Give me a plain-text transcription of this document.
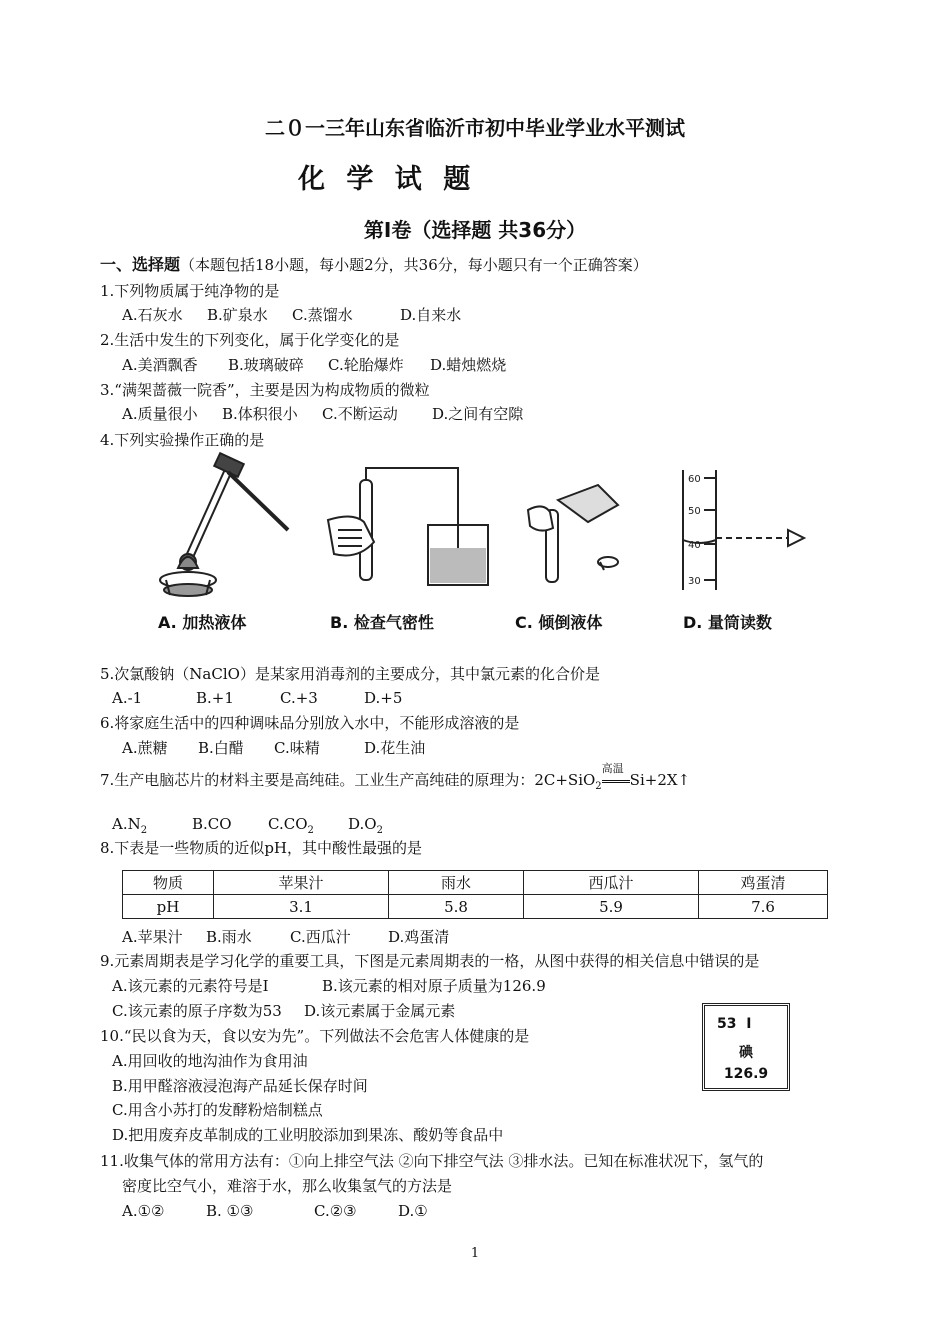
二０一三年山东省临沂市初中毕业学业水平测试
化 学 试 题
第Ⅰ卷（选择题 共36分）
一、选择题（本题包括18小题，每小题2分，共36分，每小题只有一个正确答案）
1.下列物质属于纯净物的是
A.石灰水 B.矿泉水 C.蒸馏水	D.自来水
2.生活中发生的下列变化，属于化学变化的是
A.美酒飘香 B.玻璃破碎 C.轮胎爆炸 D.蜡烛燃烧
3.“满架蔷薇一院香”，主要是因为构成物质的微粒
A.质量很小 B.体积很小 C.不断运动 D.之间有空隙
4.下列实验操作正确的是
60
50
40
30
A. 加热液体	B. 检查气密性	C. 倾倒液体	D. 量筒读数
5.次氯酸钠（NaClO）是某家用消毒剂的主要成分，其中氯元素的化合价是
A.-1	B.+1	C.+3	D.+5
6.将家庭生活中的四种调味品分别放入水中，不能形成溶液的是
A.蔗糖 B.白醋 C.味精	D.花生油
7.生产电脑芯片的材料主要是高纯硅。工业生产高纯硅的原理为：2C+SiO$_2$
高温
Si+2X↑
$A.N_2$	B.CO $C.CO_2$ $D.O_2$
8.下表是一些物质的近似pH，其中酸性最强的是
物质	苹果汁	雨水	西瓜汁	鸡蛋清
pH	3.1	5.8	5.9	7.6
A.苹果汁 B.雨水	C.西瓜汁 D.鸡蛋清
9.元素周期表是学习化学的重要工具，下图是元素周期表的一格，从图中获得的相关信息中错误的是
A.该元素的元素符号是I	B.该元素的相对原子质量为126.9
C.该元素的原子序数为53 D.该元素属于金属元素
53 I
碘
126.9
10.“民以食为天，食以安为先”。下列做法不会危害人体健康的是
A.用回收的地沟油作为食用油
B.用甲醛溶液浸泡海产品延长保存时间
C.用含小苏打的发酵粉焙制糕点
D.把用废弃皮革制成的工业明胶添加到果冻、酸奶等食品中
11.收集气体的常用方法有：①向上排空气法 ②向下排空气法 ③排水法。已知在标准状况下，氢气的
密度比空气小，难溶于水，那么收集氢气的方法是
A.①②	B. ①③	C.②③	D.①
1
